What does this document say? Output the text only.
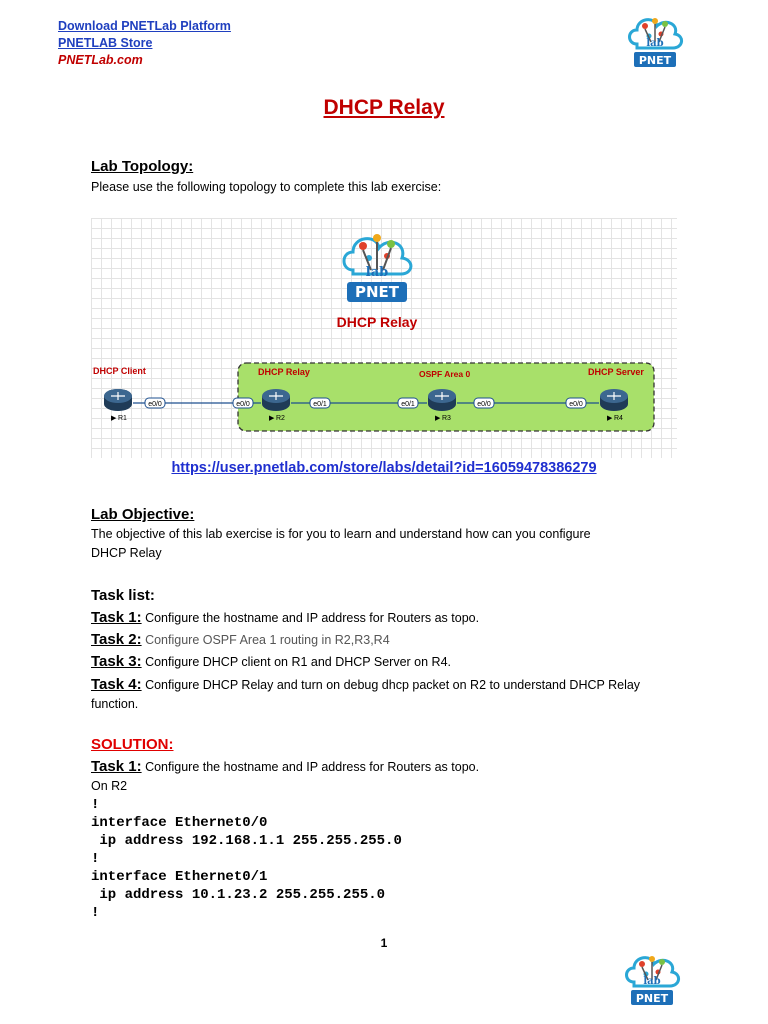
Download PNETLab Platform
PNETLAB Store
PNETLab.com
lab
PNET
DHCP Relay
Lab Topology:
Please use the following topology to complete this lab exercise:
lab
PNET
DHCP Relay
DHCP Client	DHCP Relay	OSPF Area 0	DHCP Server
e0/0	e0/0	e0/1	e0/1	e0/0	e0/0
▶ R1	▶ R2	▶ R3	▶ R4
https://user.pnetlab.com/store/labs/detail?id=16059478386279
Lab Objective:
The objective of this lab exercise is for you to learn and understand how can you configure
DHCP Relay
Task list:
Task 1: Configure the hostname and IP address for Routers as topo.
Task 2: Configure OSPF Area 1 routing in R2,R3,R4
Task 3: Configure DHCP client on R1 and DHCP Server on R4.
Task 4: Configure DHCP Relay and turn on debug dhcp packet on R2 to understand DHCP Relay
function.
SOLUTION:
Task 1: Configure the hostname and IP address for Routers as topo.
On R2
!
interface Ethernet0/0
ip address 192.168.1.1 255.255.255.0
!
interface Ethernet0/1
ip address 10.1.23.2 255.255.255.0
!
1
lab
PNET
